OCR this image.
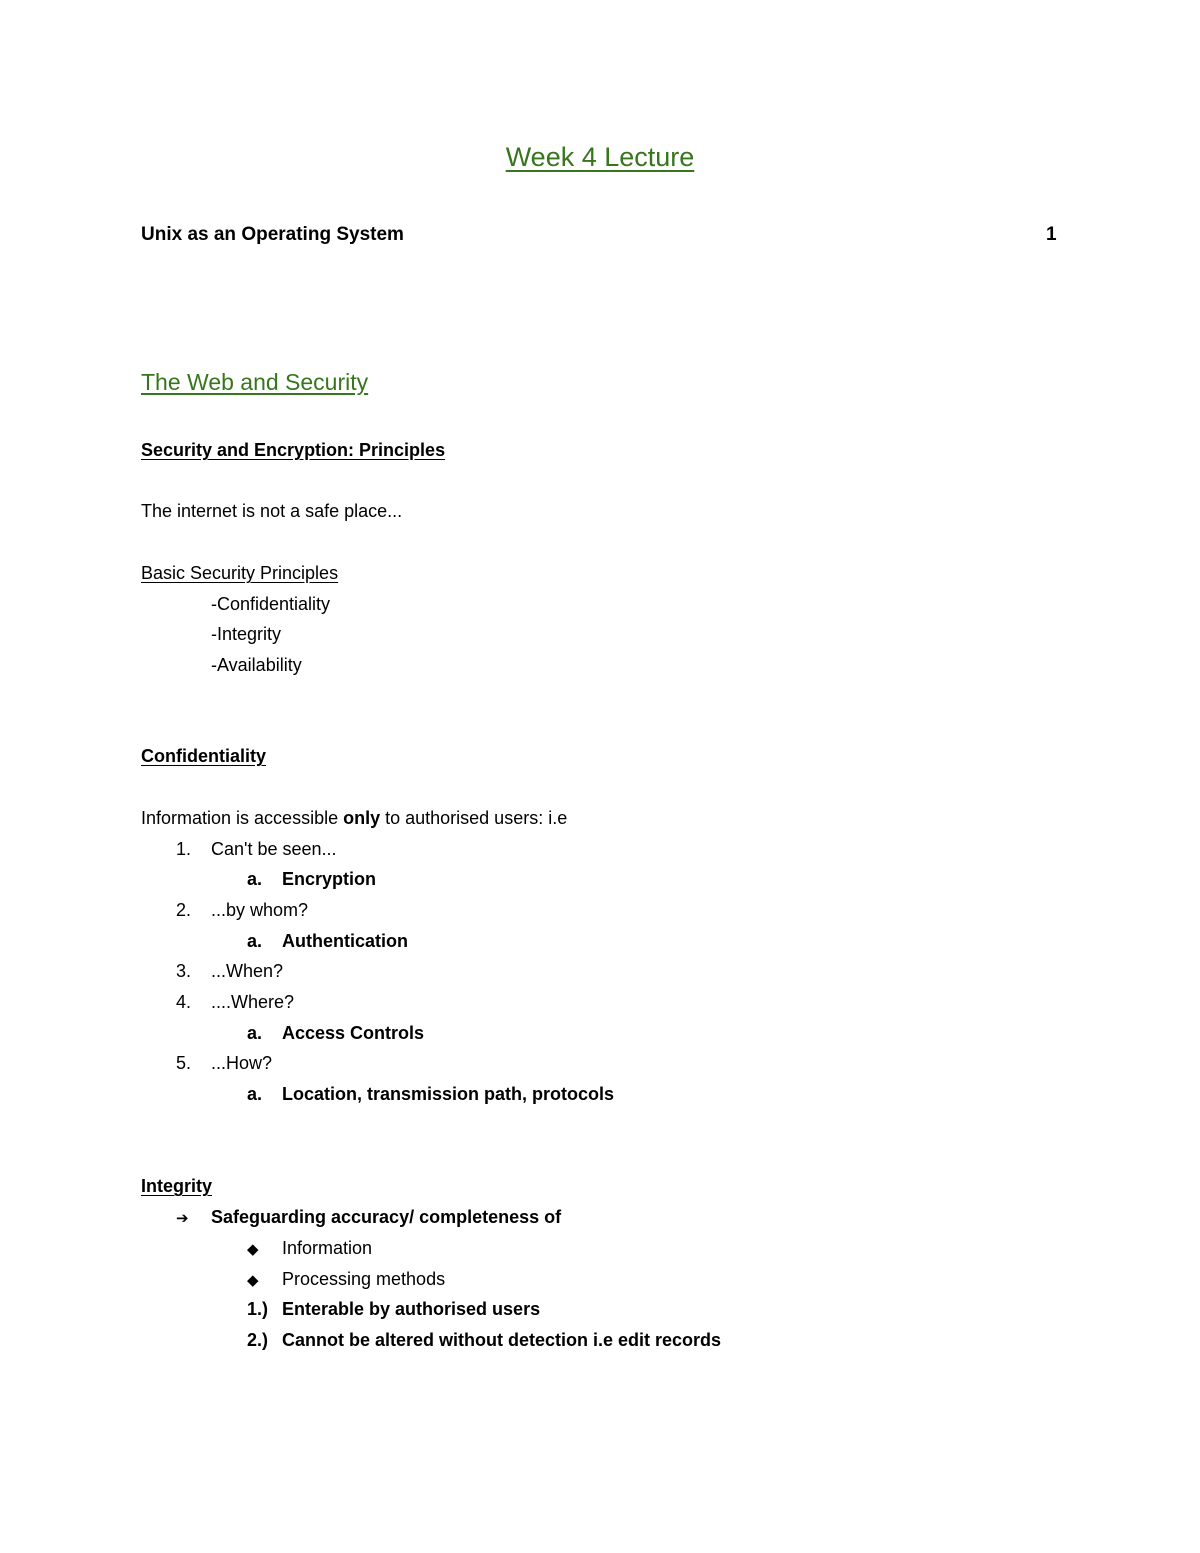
Week 4 Lecture
Unix as an Operating System	1
The Web and Security
Security and Encryption: Principles
The internet is not a safe place...
Basic Security Principles
-Confidentiality
-Integrity
-Availability
Confidentiality
Information is accessible only to authorised users: i.e
1. Can't be seen...
a. Encryption
2. ...by whom?
a. Authentication
3. ...When?
4. ....Where?
a. Access Controls
5. ...How?
a. Location, transmission path, protocols
Integrity
➔ Safeguarding accuracy/ completeness of
◆ Information
◆ Processing methods
1.) Enterable by authorised users
2.) Cannot be altered without detection i.e edit records
